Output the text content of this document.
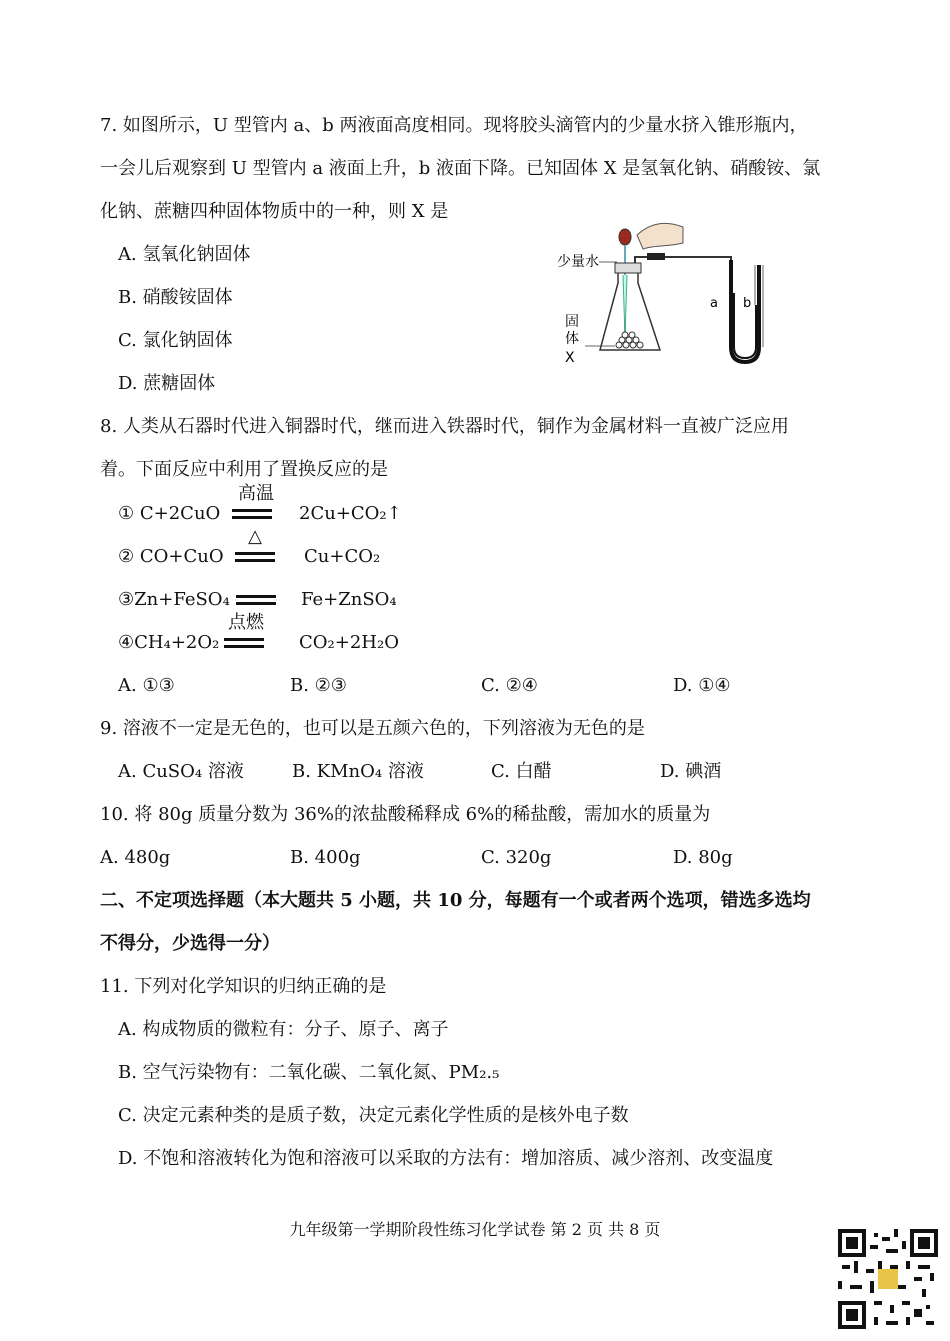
7. 如图所示，U 型管内 a、b 两液面高度相同。现将胶头滴管内的少量水挤入锥形瓶内，
一会儿后观察到 U 型管内 a 液面上升，b 液面下降。已知固体 X 是氢氧化钠、硝酸铵、氯
化钠、蔗糖四种固体物质中的一种，则 X 是
A. 氢氧化钠固体
B. 硝酸铵固体
C. 氯化钠固体
D. 蔗糖固体
少量水
a b
固
体
X
8. 人类从石器时代进入铜器时代，继而进入铁器时代，铜作为金属材料一直被广泛应用
着。下面反应中利用了置换反应的是
① C+2CuO
高温
2Cu+CO₂↑
② CO+CuO
△
Cu+CO₂
③Zn+FeSO₄	Fe+ZnSO₄
④CH₄+2O₂
点燃
CO₂+2H₂O
A. ①③	B. ②③	C. ②④	D. ①④
9. 溶液不一定是无色的，也可以是五颜六色的，下列溶液为无色的是
A. CuSO₄ 溶液	B. KMnO₄ 溶液	C. 白醋	D. 碘酒
10. 将 80g 质量分数为 36%的浓盐酸稀释成 6%的稀盐酸，需加水的质量为
A. 480g	B. 400g	C. 320g	D. 80g
二、不定项选择题（本大题共 5 小题，共 10 分，每题有一个或者两个选项，错选多选均
不得分，少选得一分）
11. 下列对化学知识的归纳正确的是
A. 构成物质的微粒有：分子、原子、离子
B. 空气污染物有：二氧化碳、二氧化氮、PM₂.₅
C. 决定元素种类的是质子数，决定元素化学性质的是核外电子数
D. 不饱和溶液转化为饱和溶液可以采取的方法有：增加溶质、减少溶剂、改变温度
九年级第一学期阶段性练习化学试卷 第 2 页 共 8 页
